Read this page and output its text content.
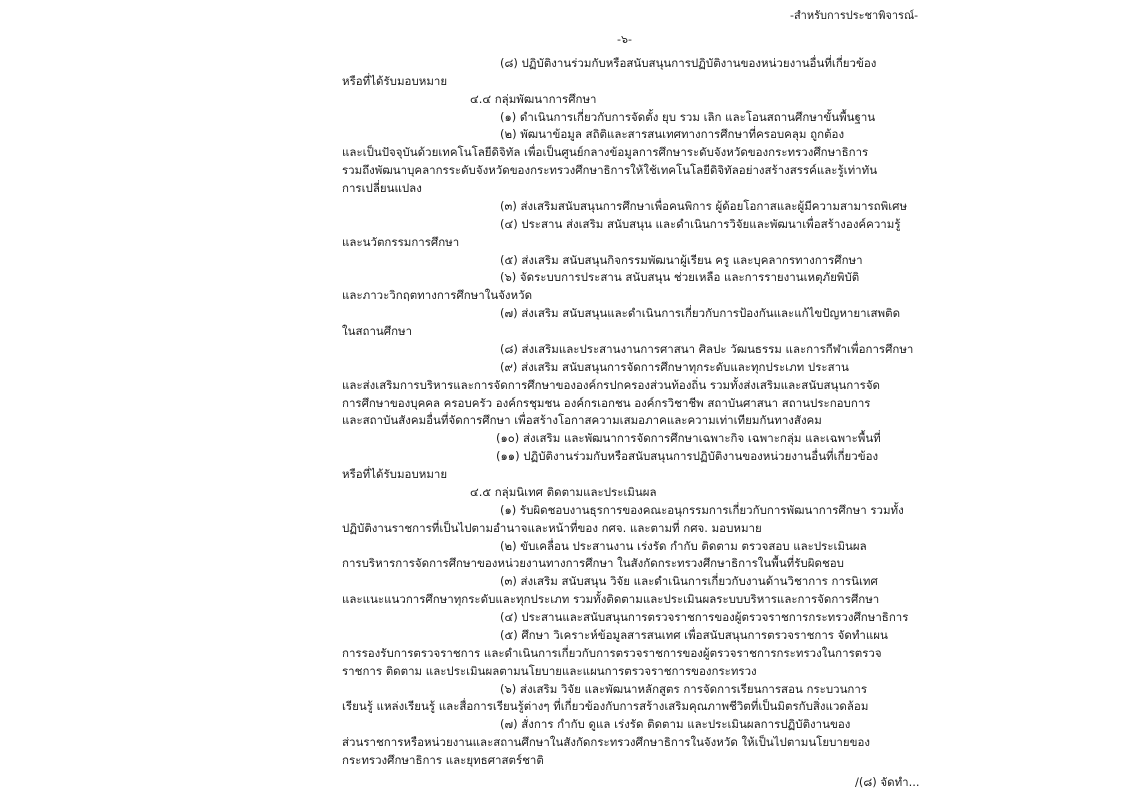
-สำหรับการประชาพิจารณ์-
-๖-
(๘) ปฏิบัติงานร่วมกับหรือสนับสนุนการปฏิบัติงานของหน่วยงานอื่นที่เกี่ยวข้อง
หรือที่ได้รับมอบหมาย
๔.๔ กลุ่มพัฒนาการศึกษา
(๑) ดำเนินการเกี่ยวกับการจัดตั้ง ยุบ รวม เลิก และโอนสถานศึกษาขั้นพื้นฐาน
(๒) พัฒนาข้อมูล สถิติและสารสนเทศทางการศึกษาที่ครอบคลุม ถูกต้อง
และเป็นปัจจุบันด้วยเทคโนโลยีดิจิทัล เพื่อเป็นศูนย์กลางข้อมูลการศึกษาระดับจังหวัดของกระทรวงศึกษาธิการ
รวมถึงพัฒนาบุคลากรระดับจังหวัดของกระทรวงศึกษาธิการให้ใช้เทคโนโลยีดิจิทัลอย่างสร้างสรรค์และรู้เท่าทัน
การเปลี่ยนแปลง
(๓) ส่งเสริมสนับสนุนการศึกษาเพื่อคนพิการ ผู้ด้อยโอกาสและผู้มีความสามารถพิเศษ
(๔) ประสาน ส่งเสริม สนับสนุน และดำเนินการวิจัยและพัฒนาเพื่อสร้างองค์ความรู้
และนวัตกรรมการศึกษา
(๕) ส่งเสริม สนับสนุนกิจกรรมพัฒนาผู้เรียน ครู และบุคลากรทางการศึกษา
(๖) จัดระบบการประสาน สนับสนุน ช่วยเหลือ และการรายงานเหตุภัยพิบัติ
และภาวะวิกฤตทางการศึกษาในจังหวัด
(๗) ส่งเสริม สนับสนุนและดำเนินการเกี่ยวกับการป้องกันและแก้ไขปัญหายาเสพติด
ในสถานศึกษา
(๘) ส่งเสริมและประสานงานการศาสนา ศิลปะ วัฒนธรรม และการกีฬาเพื่อการศึกษา
(๙) ส่งเสริม สนับสนุนการจัดการศึกษาทุกระดับและทุกประเภท ประสาน
และส่งเสริมการบริหารและการจัดการศึกษาขององค์กรปกครองส่วนท้องถิ่น รวมทั้งส่งเสริมและสนับสนุนการจัด
การศึกษาของบุคคล ครอบครัว องค์กรชุมชน องค์กรเอกชน องค์กรวิชาชีพ สถาบันศาสนา สถานประกอบการ
และสถาบันสังคมอื่นที่จัดการศึกษา เพื่อสร้างโอกาสความเสมอภาคและความเท่าเทียมกันทางสังคม
(๑๐) ส่งเสริม และพัฒนาการจัดการศึกษาเฉพาะกิจ เฉพาะกลุ่ม และเฉพาะพื้นที่
(๑๑) ปฏิบัติงานร่วมกับหรือสนับสนุนการปฏิบัติงานของหน่วยงานอื่นที่เกี่ยวข้อง
หรือที่ได้รับมอบหมาย
๔.๕ กลุ่มนิเทศ ติดตามและประเมินผล
(๑) รับผิดชอบงานธุรการของคณะอนุกรรมการเกี่ยวกับการพัฒนาการศึกษา รวมทั้ง
ปฏิบัติงานราชการที่เป็นไปตามอำนาจและหน้าที่ของ กศจ. และตามที่ กศจ. มอบหมาย
(๒) ขับเคลื่อน ประสานงาน เร่งรัด กำกับ ติดตาม ตรวจสอบ และประเมินผล
การบริหารการจัดการศึกษาของหน่วยงานทางการศึกษา ในสังกัดกระทรวงศึกษาธิการในพื้นที่รับผิดชอบ
(๓) ส่งเสริม สนับสนุน วิจัย และดำเนินการเกี่ยวกับงานด้านวิชาการ การนิเทศ
และแนะแนวการศึกษาทุกระดับและทุกประเภท รวมทั้งติดตามและประเมินผลระบบบริหารและการจัดการศึกษา
(๔) ประสานและสนับสนุนการตรวจราชการของผู้ตรวจราชการกระทรวงศึกษาธิการ
(๕) ศึกษา วิเคราะห์ข้อมูลสารสนเทศ เพื่อสนับสนุนการตรวจราชการ จัดทำแผน
การรองรับการตรวจราชการ และดำเนินการเกี่ยวกับการตรวจราชการของผู้ตรวจราชการกระทรวงในการตรวจ
ราชการ ติดตาม และประเมินผลตามนโยบายและแผนการตรวจราชการของกระทรวง
(๖) ส่งเสริม วิจัย และพัฒนาหลักสูตร การจัดการเรียนการสอน กระบวนการ
เรียนรู้ แหล่งเรียนรู้ และสื่อการเรียนรู้ต่างๆ ที่เกี่ยวข้องกับการสร้างเสริมคุณภาพชีวิตที่เป็นมิตรกับสิ่งแวดล้อม
(๗) สั่งการ กำกับ ดูแล เร่งรัด ติดตาม และประเมินผลการปฏิบัติงานของ
ส่วนราชการหรือหน่วยงานและสถานศึกษาในสังกัดกระทรวงศึกษาธิการในจังหวัด ให้เป็นไปตามนโยบายของ
กระทรวงศึกษาธิการ และยุทธศาสตร์ชาติ
/(๘) จัดทำ...
